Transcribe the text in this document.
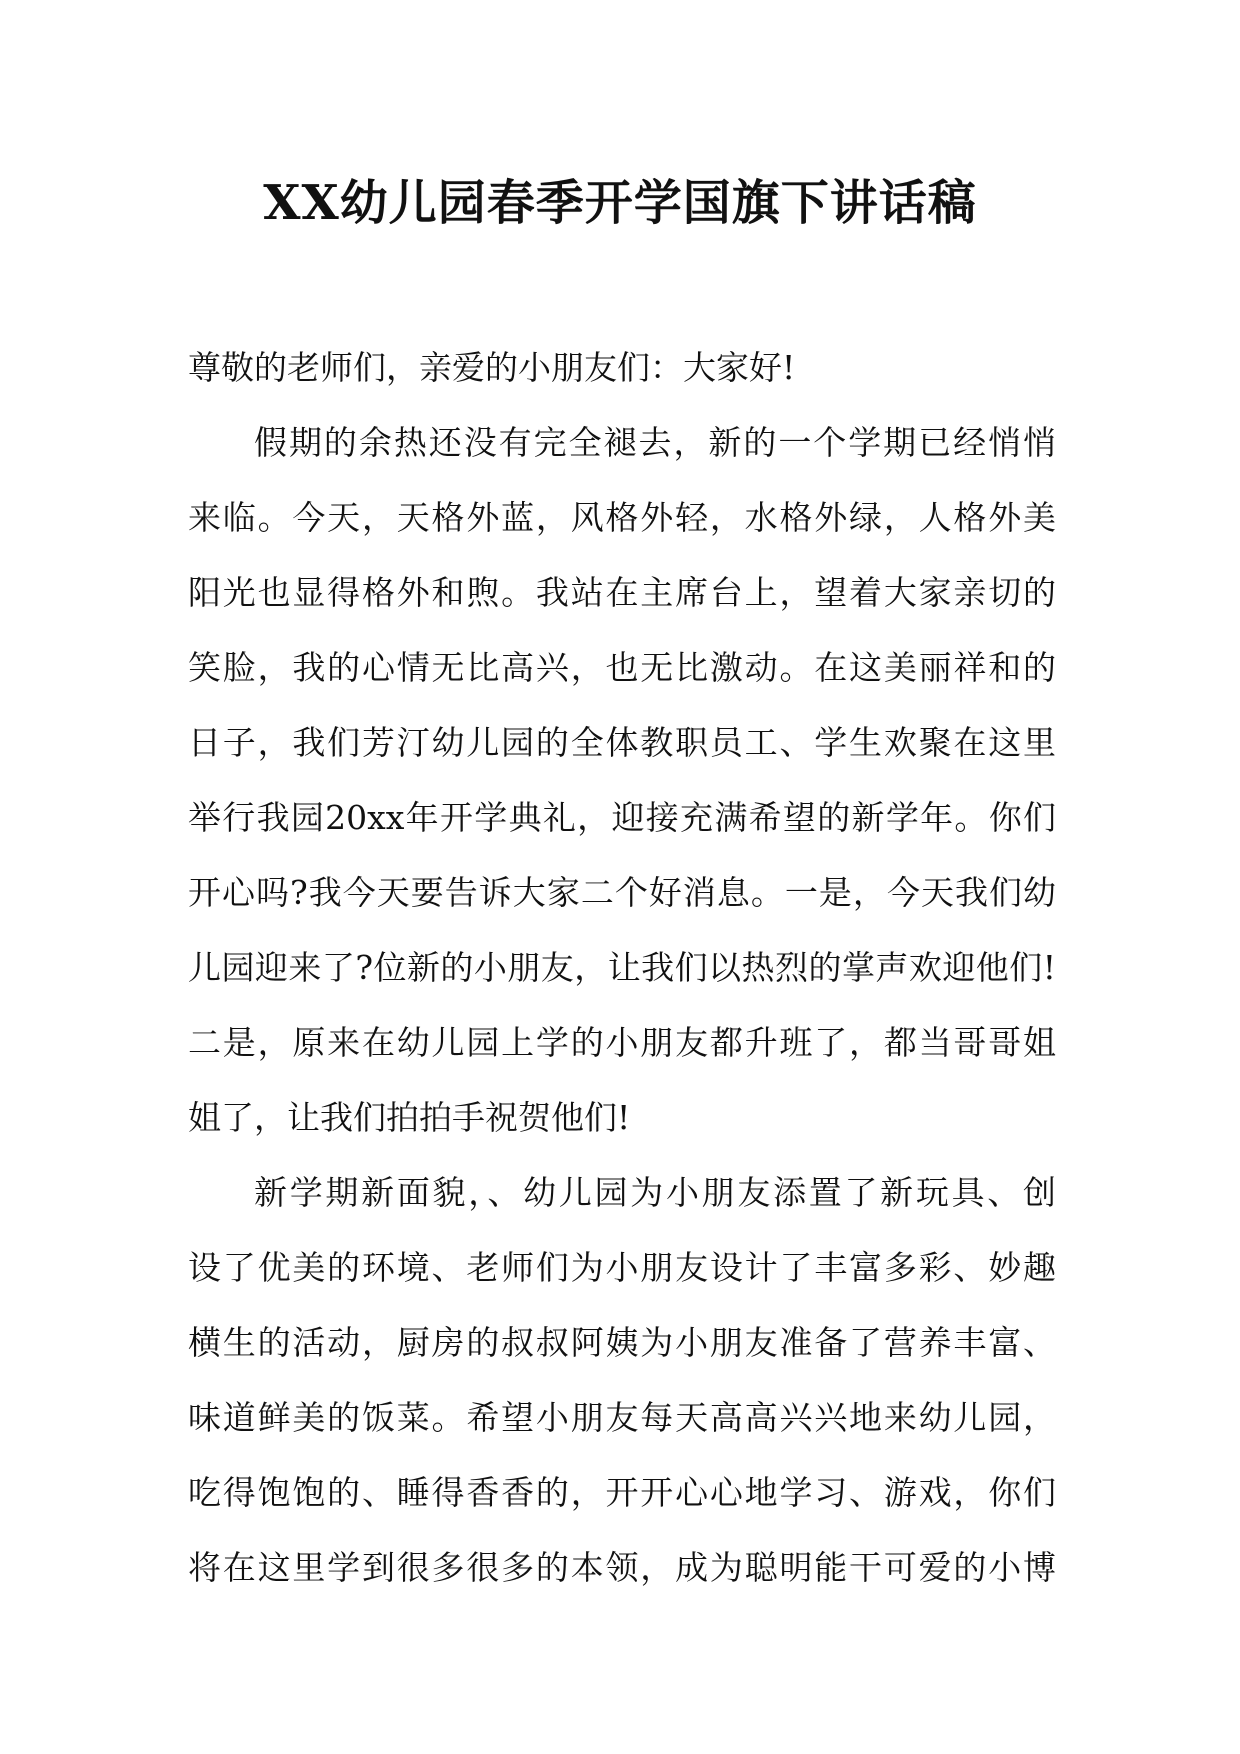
XX幼儿园春季开学国旗下讲话稿

尊敬的老师们，亲爱的小朋友们：大家好!

假期的余热还没有完全褪去，新的一个学期已经悄悄
来临。今天，天格外蓝，风格外轻，水格外绿，人格外美
阳光也显得格外和煦。我站在主席台上，望着大家亲切的
笑脸，我的心情无比高兴，也无比激动。在这美丽祥和的
日子，我们芳汀幼儿园的全体教职员工、学生欢聚在这里
举行我园20xx年开学典礼，迎接充满希望的新学年。你们
开心吗?我今天要告诉大家二个好消息。一是，今天我们幼
儿园迎来了?位新的小朋友，让我们以热烈的掌声欢迎他们!
二是，原来在幼儿园上学的小朋友都升班了，都当哥哥姐
姐了，让我们拍拍手祝贺他们!

新学期新面貌，、幼儿园为小朋友添置了新玩具、创
设了优美的环境、老师们为小朋友设计了丰富多彩、妙趣
横生的活动，厨房的叔叔阿姨为小朋友准备了营养丰富、
味道鲜美的饭菜。希望小朋友每天高高兴兴地来幼儿园，
吃得饱饱的、睡得香香的，开开心心地学习、游戏，你们
将在这里学到很多很多的本领，成为聪明能干可爱的小博
